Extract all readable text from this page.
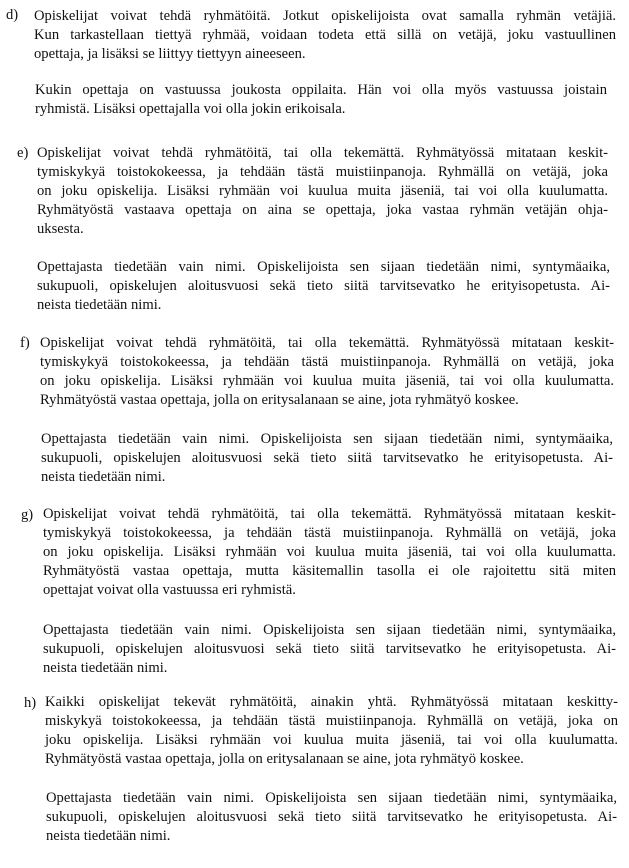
d) Opiskelijat voivat tehdä ryhmätöitä. Jotkut opiskelijoista ovat samalla ryhmän vetäjiä.
Kun tarkastellaan tiettyä ryhmää, voidaan todeta että sillä on vetäjä, joku vastuullinen
opettaja, ja lisäksi se liittyy tiettyyn aineeseen.
Kukin opettaja on vastuussa joukosta oppilaita. Hän voi olla myös vastuussa joistain
ryhmistä. Lisäksi opettajalla voi olla jokin erikoisala.
e) Opiskelijat voivat tehdä ryhmätöitä, tai olla tekemättä. Ryhmätyössä mitataan keskit-
tymiskykyä toistokokeessa, ja tehdään tästä muistiinpanoja. Ryhmällä on vetäjä, joka
on joku opiskelija. Lisäksi ryhmään voi kuulua muita jäseniä, tai voi olla kuulumatta.
Ryhmätyöstä vastaava opettaja on aina se opettaja, joka vastaa ryhmän vetäjän ohja-
uksesta.
Opettajasta tiedetään vain nimi. Opiskelijoista sen sijaan tiedetään nimi, syntymäaika,
sukupuoli, opiskelujen aloitusvuosi sekä tieto siitä tarvitsevatko he erityisopetusta. Ai-
neista tiedetään nimi.
f) Opiskelijat voivat tehdä ryhmätöitä, tai olla tekemättä. Ryhmätyössä mitataan keskit-
tymiskykyä toistokokeessa, ja tehdään tästä muistiinpanoja. Ryhmällä on vetäjä, joka
on joku opiskelija. Lisäksi ryhmään voi kuulua muita jäseniä, tai voi olla kuulumatta.
Ryhmätyöstä vastaa opettaja, jolla on eritysalanaan se aine, jota ryhmätyö koskee.
Opettajasta tiedetään vain nimi. Opiskelijoista sen sijaan tiedetään nimi, syntymäaika,
sukupuoli, opiskelujen aloitusvuosi sekä tieto siitä tarvitsevatko he erityisopetusta. Ai-
neista tiedetään nimi.
g) Opiskelijat voivat tehdä ryhmätöitä, tai olla tekemättä. Ryhmätyössä mitataan keskit-
tymiskykyä toistokokeessa, ja tehdään tästä muistiinpanoja. Ryhmällä on vetäjä, joka
on joku opiskelija. Lisäksi ryhmään voi kuulua muita jäseniä, tai voi olla kuulumatta.
Ryhmätyöstä vastaa opettaja, mutta käsitemallin tasolla ei ole rajoitettu sitä miten
opettajat voivat olla vastuussa eri ryhmistä.
Opettajasta tiedetään vain nimi. Opiskelijoista sen sijaan tiedetään nimi, syntymäaika,
sukupuoli, opiskelujen aloitusvuosi sekä tieto siitä tarvitsevatko he erityisopetusta. Ai-
neista tiedetään nimi.
h) Kaikki opiskelijat tekevät ryhmätöitä, ainakin yhtä. Ryhmätyössä mitataan keskitty-
miskykyä toistokokeessa, ja tehdään tästä muistiinpanoja. Ryhmällä on vetäjä, joka on
joku opiskelija. Lisäksi ryhmään voi kuulua muita jäseniä, tai voi olla kuulumatta.
Ryhmätyöstä vastaa opettaja, jolla on eritysalanaan se aine, jota ryhmätyö koskee.
Opettajasta tiedetään vain nimi. Opiskelijoista sen sijaan tiedetään nimi, syntymäaika,
sukupuoli, opiskelujen aloitusvuosi sekä tieto siitä tarvitsevatko he erityisopetusta. Ai-
neista tiedetään nimi.
